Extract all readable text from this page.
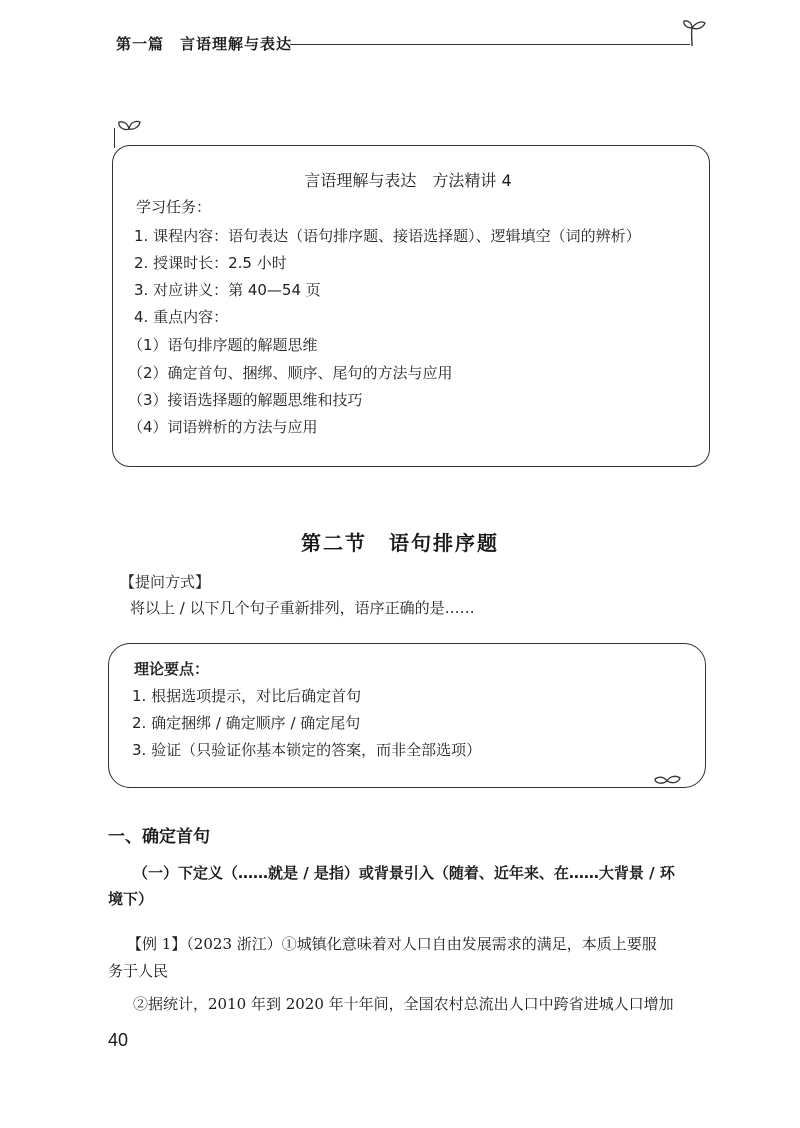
第一篇 言语理解与表达
言语理解与表达　方法精讲 4
学习任务：
1. 课程内容：语句表达（语句排序题、接语选择题）、逻辑填空（词的辨析）
2. 授课时长：2.5 小时
3. 对应讲义：第 40—54 页
4. 重点内容：
（1）语句排序题的解题思维
（2）确定首句、捆绑、顺序、尾句的方法与应用
（3）接语选择题的解题思维和技巧
（4）词语辨析的方法与应用
第二节 语句排序题
【提问方式】
将以上 / 以下几个句子重新排列，语序正确的是……
理论要点：
1. 根据选项提示，对比后确定首句
2. 确定捆绑 / 确定顺序 / 确定尾句
3. 验证（只验证你基本锁定的答案，而非全部选项）
一、确定首句
（一）下定义（……就是 / 是指）或背景引入（随着、近年来、在……大背景 / 环
境下）
【例 1】（2023 浙江）①城镇化意味着对人口自由发展需求的满足，本质上要服
务于人民
②据统计，2010 年到 2020 年十年间，全国农村总流出人口中跨省进城人口增加
40
